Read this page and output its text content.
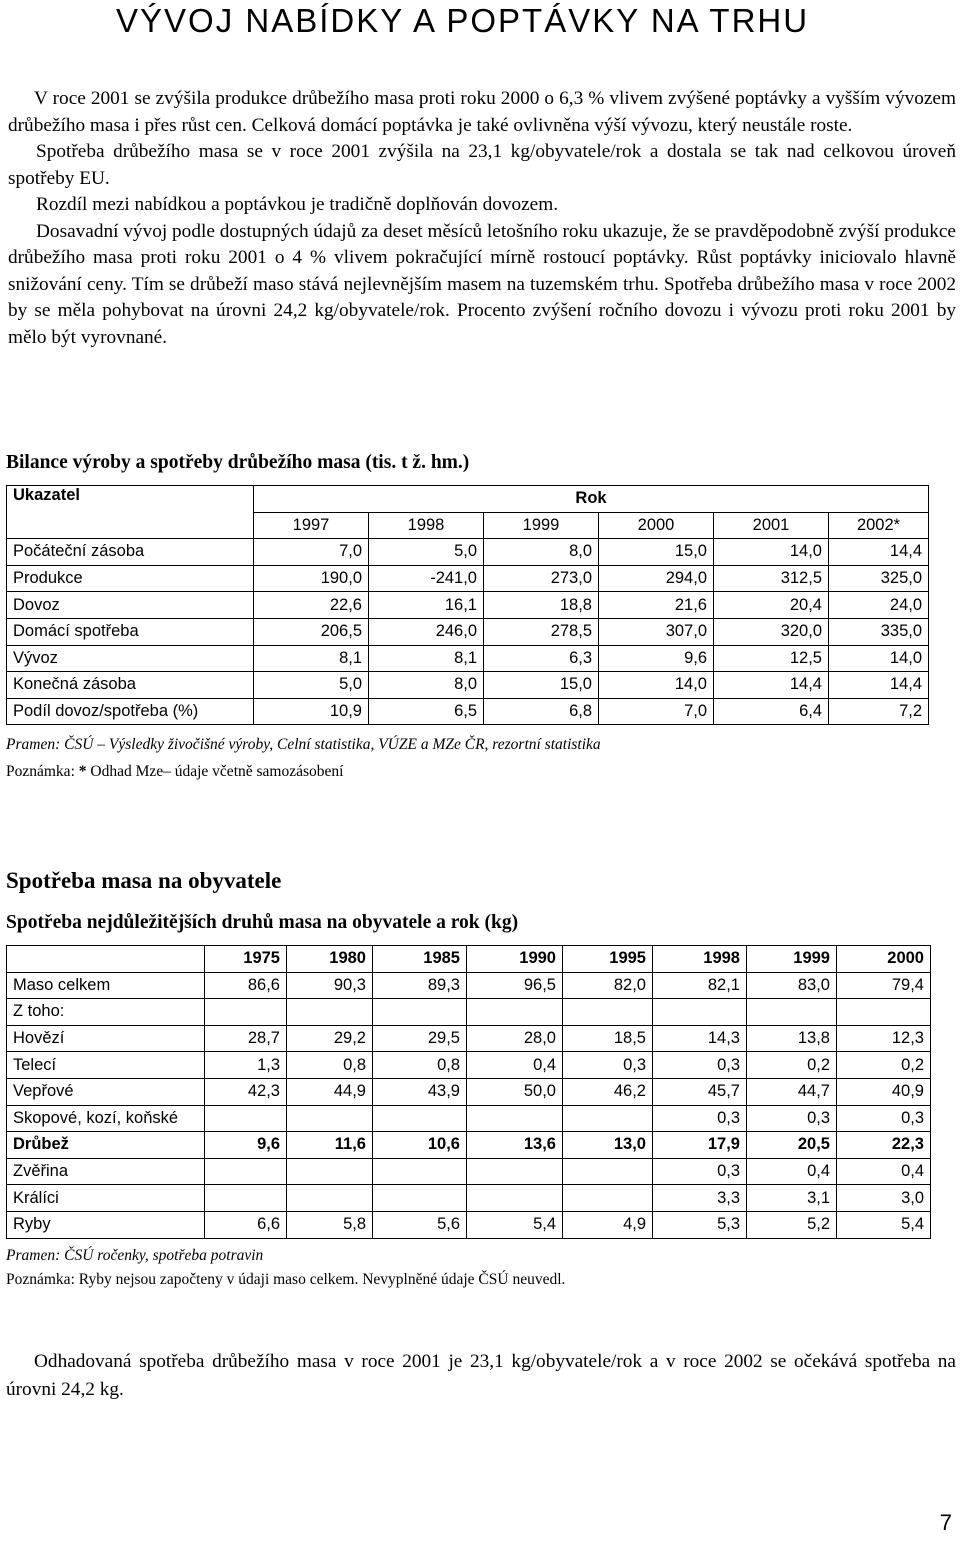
VÝVOJ NABÍDKY A POPTÁVKY NA TRHU

V roce 2001 se zvýšila produkce drůbežího masa proti roku 2000 o 6,3 % vlivem zvýšené poptávky a vyšším vývozem drůbežího masa i přes růst cen. Celková domácí poptávka je také ovlivněna výší vývozu, který neustále roste.

Spotřeba drůbežího masa se v roce 2001 zvýšila na 23,1 kg/obyvatele/rok a dostala se tak nad celkovou úroveň spotřeby EU.

Rozdíl mezi nabídkou a poptávkou je tradičně doplňován dovozem.

Dosavadní vývoj podle dostupných údajů za deset měsíců letošního roku ukazuje, že se pravděpodobně zvýší produkce drůbežího masa proti roku 2001 o 4 % vlivem pokračující mírně rostoucí poptávky. Růst poptávky iniciovalo hlavně snižování ceny. Tím se drůbeží maso stává nejlevnějším masem na tuzemském trhu. Spotřeba drůbežího masa v roce 2002 by se měla pohybovat na úrovni 24,2 kg/obyvatele/rok. Procento zvýšení ročního dovozu i vývozu proti roku 2001 by mělo být vyrovnané.

Bilance výroby a spotřeby drůbežího masa (tis. t ž. hm.)
Ukazatel	Rok					
	1997	1998	1999	2000	2001	2002*
Počáteční zásoba	7,0	5,0	8,0	15,0	14,0	14,4
Produkce	190,0	-241,0	273,0	294,0	312,5	325,0
Dovoz	22,6	16,1	18,8	21,6	20,4	24,0
Domácí spotřeba	206,5	246,0	278,5	307,0	320,0	335,0
Vývoz	8,1	8,1	6,3	9,6	12,5	14,0
Konečná zásoba	5,0	8,0	15,0	14,0	14,4	14,4
Podíl dovoz/spotřeba (%)	10,9	6,5	6,8	7,0	6,4	7,2

Pramen: ČSÚ – Výsledky živočišné výroby, Celní statistika, VÚZE a MZe ČR, rezortní statistika

Poznámka: * Odhad Mze– údaje včetně samozásobení

Spotřeba masa na obyvatele
Spotřeba nejdůležitějších druhů masa na obyvatele a rok (kg)
	1975	1980	1985	1990	1995	1998	1999	2000
Maso celkem	86,6	90,3	89,3	96,5	82,0	82,1	83,0	79,4
Z toho:								
Hovězí	28,7	29,2	29,5	28,0	18,5	14,3	13,8	12,3
Telecí	1,3	0,8	0,8	0,4	0,3	0,3	0,2	0,2
Vepřové	42,3	44,9	43,9	50,0	46,2	45,7	44,7	40,9
Skopové, kozí, koňské						0,3	0,3	0,3
Drůbež	9,6	11,6	10,6	13,6	13,0	17,9	20,5	22,3
Zvěřina						0,3	0,4	0,4
Králíci						3,3	3,1	3,0
Ryby	6,6	5,8	5,6	5,4	4,9	5,3	5,2	5,4

Pramen: ČSÚ ročenky, spotřeba potravin

Poznámka: Ryby nejsou započteny v údaji maso celkem. Nevyplněné údaje ČSÚ neuvedl.

Odhadovaná spotřeba drůbežího masa v roce 2001 je 23,1 kg/obyvatele/rok a v roce 2002 se očekává spotřeba na úrovni 24,2 kg.

7
